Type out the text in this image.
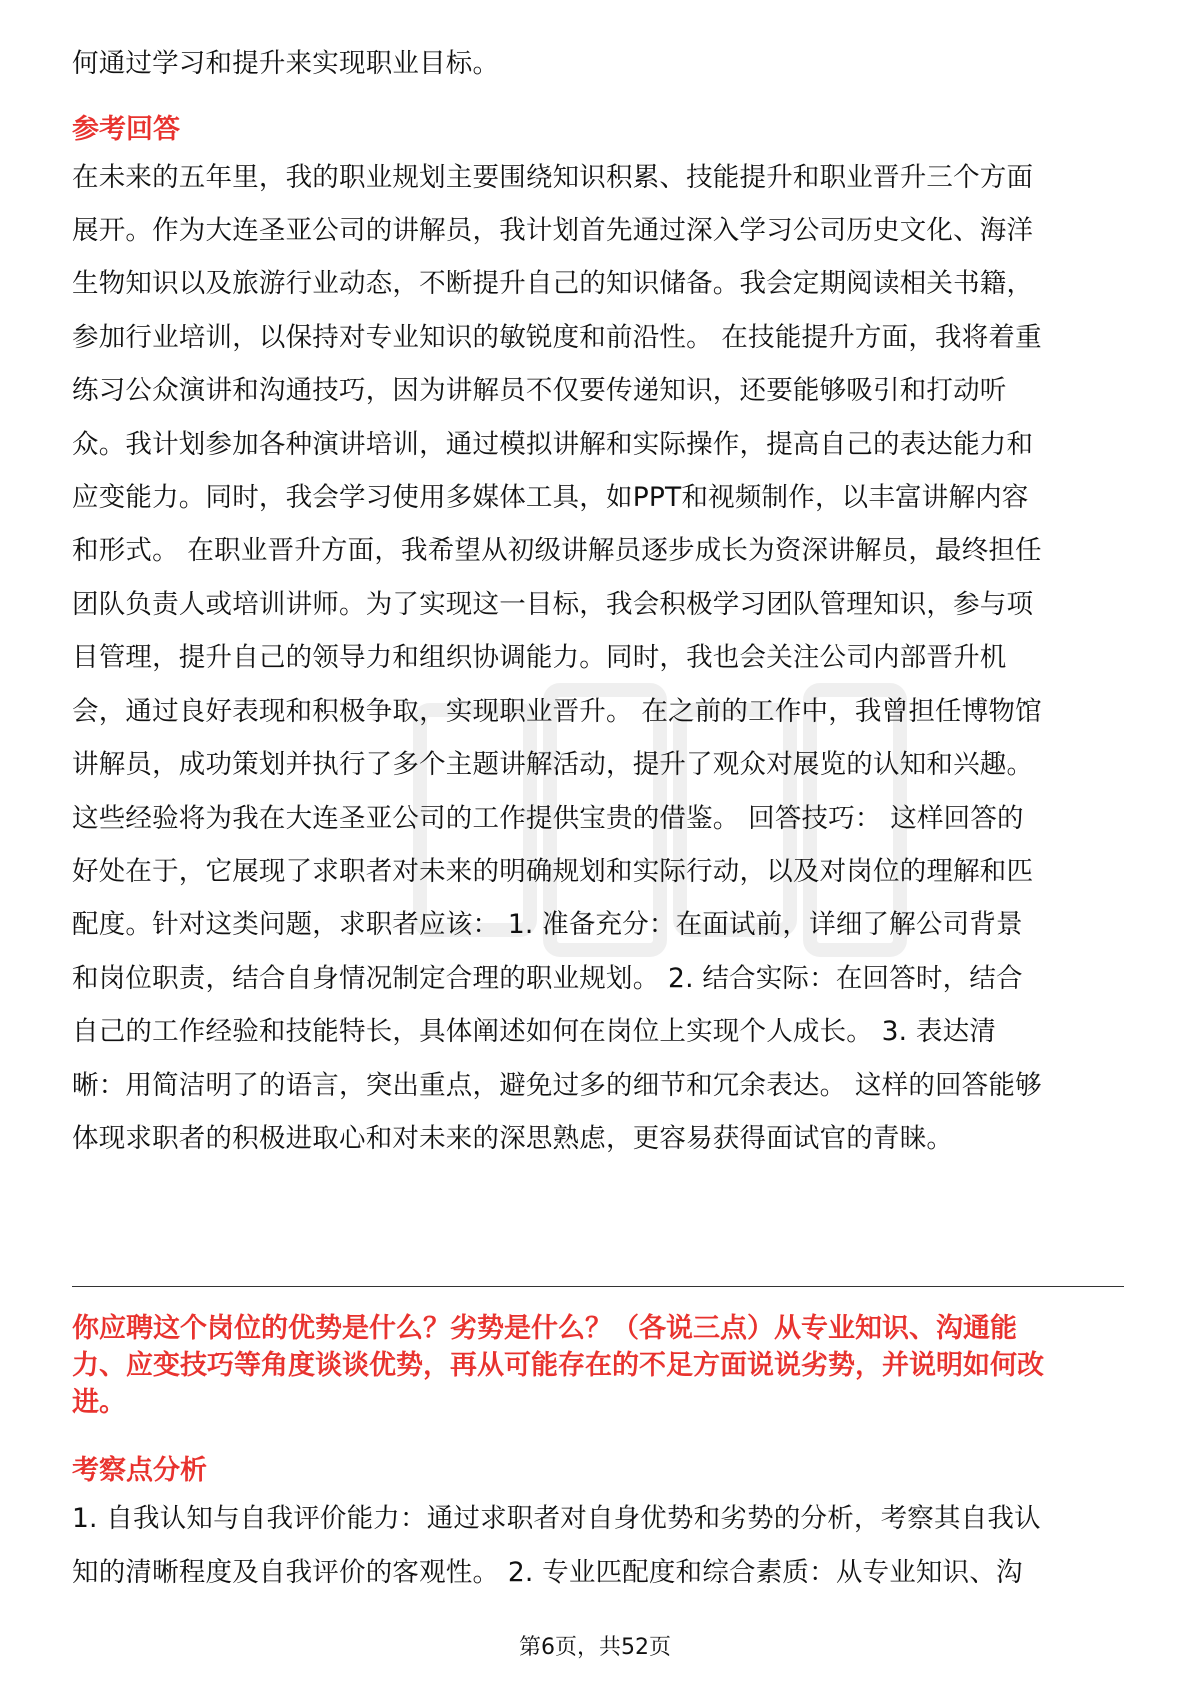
何通过学习和提升来实现职业目标。
参考回答
在未来的五年里，我的职业规划主要围绕知识积累、技能提升和职业晋升三个方面
展开。作为大连圣亚公司的讲解员，我计划首先通过深入学习公司历史文化、海洋
生物知识以及旅游行业动态，不断提升自己的知识储备。我会定期阅读相关书籍，
参加行业培训，以保持对专业知识的敏锐度和前沿性。 在技能提升方面，我将着重
练习公众演讲和沟通技巧，因为讲解员不仅要传递知识，还要能够吸引和打动听
众。我计划参加各种演讲培训，通过模拟讲解和实际操作，提高自己的表达能力和
应变能力。同时，我会学习使用多媒体工具，如PPT和视频制作，以丰富讲解内容
和形式。 在职业晋升方面，我希望从初级讲解员逐步成长为资深讲解员，最终担任
团队负责人或培训讲师。为了实现这一目标，我会积极学习团队管理知识，参与项
目管理，提升自己的领导力和组织协调能力。同时，我也会关注公司内部晋升机
会，通过良好表现和积极争取，实现职业晋升。 在之前的工作中，我曾担任博物馆
讲解员，成功策划并执行了多个主题讲解活动，提升了观众对展览的认知和兴趣。
这些经验将为我在大连圣亚公司的工作提供宝贵的借鉴。 回答技巧： 这样回答的
好处在于，它展现了求职者对未来的明确规划和实际行动，以及对岗位的理解和匹
配度。针对这类问题，求职者应该： 1. 准备充分：在面试前，详细了解公司背景
和岗位职责，结合自身情况制定合理的职业规划。 2. 结合实际：在回答时，结合
自己的工作经验和技能特长，具体阐述如何在岗位上实现个人成长。 3. 表达清
晰：用简洁明了的语言，突出重点，避免过多的细节和冗余表达。 这样的回答能够
体现求职者的积极进取心和对未来的深思熟虑，更容易获得面试官的青睐。
你应聘这个岗位的优势是什么？劣势是什么？（各说三点）从专业知识、沟通能
力、应变技巧等角度谈谈优势，再从可能存在的不足方面说说劣势，并说明如何改
进。
考察点分析
1. 自我认知与自我评价能力：通过求职者对自身优势和劣势的分析，考察其自我认
知的清晰程度及自我评价的客观性。 2. 专业匹配度和综合素质：从专业知识、沟
第6页，共52页
